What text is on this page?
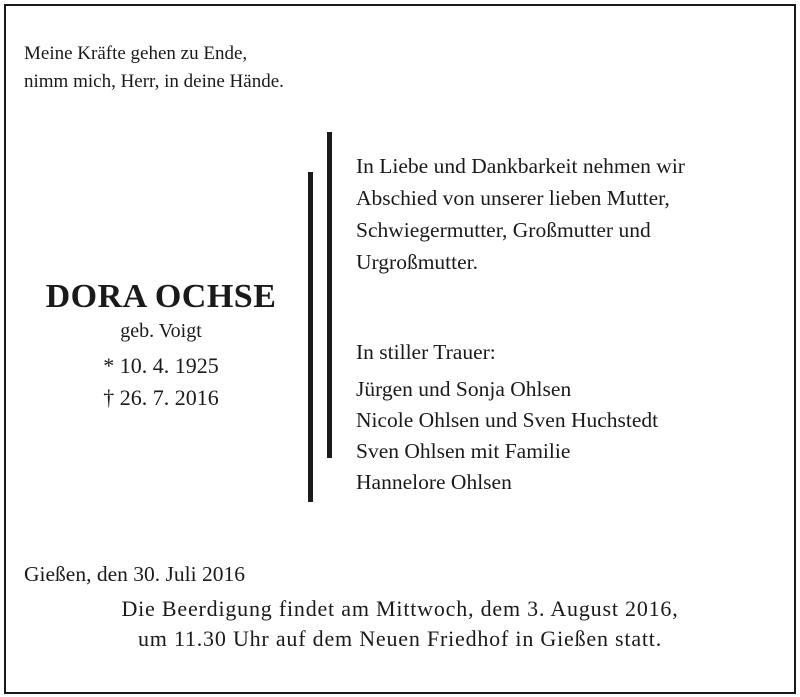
Meine Kräfte gehen zu Ende,
nimm mich, Herr, in deine Hände.
DORA OCHSE
geb. Voigt
* 10. 4. 1925
† 26. 7. 2016
In Liebe und Dankbarkeit nehmen wir
Abschied von unserer lieben Mutter,
Schwiegermutter, Großmutter und
Urgroßmutter.
In stiller Trauer:
Jürgen und Sonja Ohlsen
Nicole Ohlsen und Sven Huchstedt
Sven Ohlsen mit Familie
Hannelore Ohlsen
Gießen, den 30. Juli 2016
Die Beerdigung findet am Mittwoch, dem 3. August 2016,
um 11.30 Uhr auf dem Neuen Friedhof in Gießen statt.
